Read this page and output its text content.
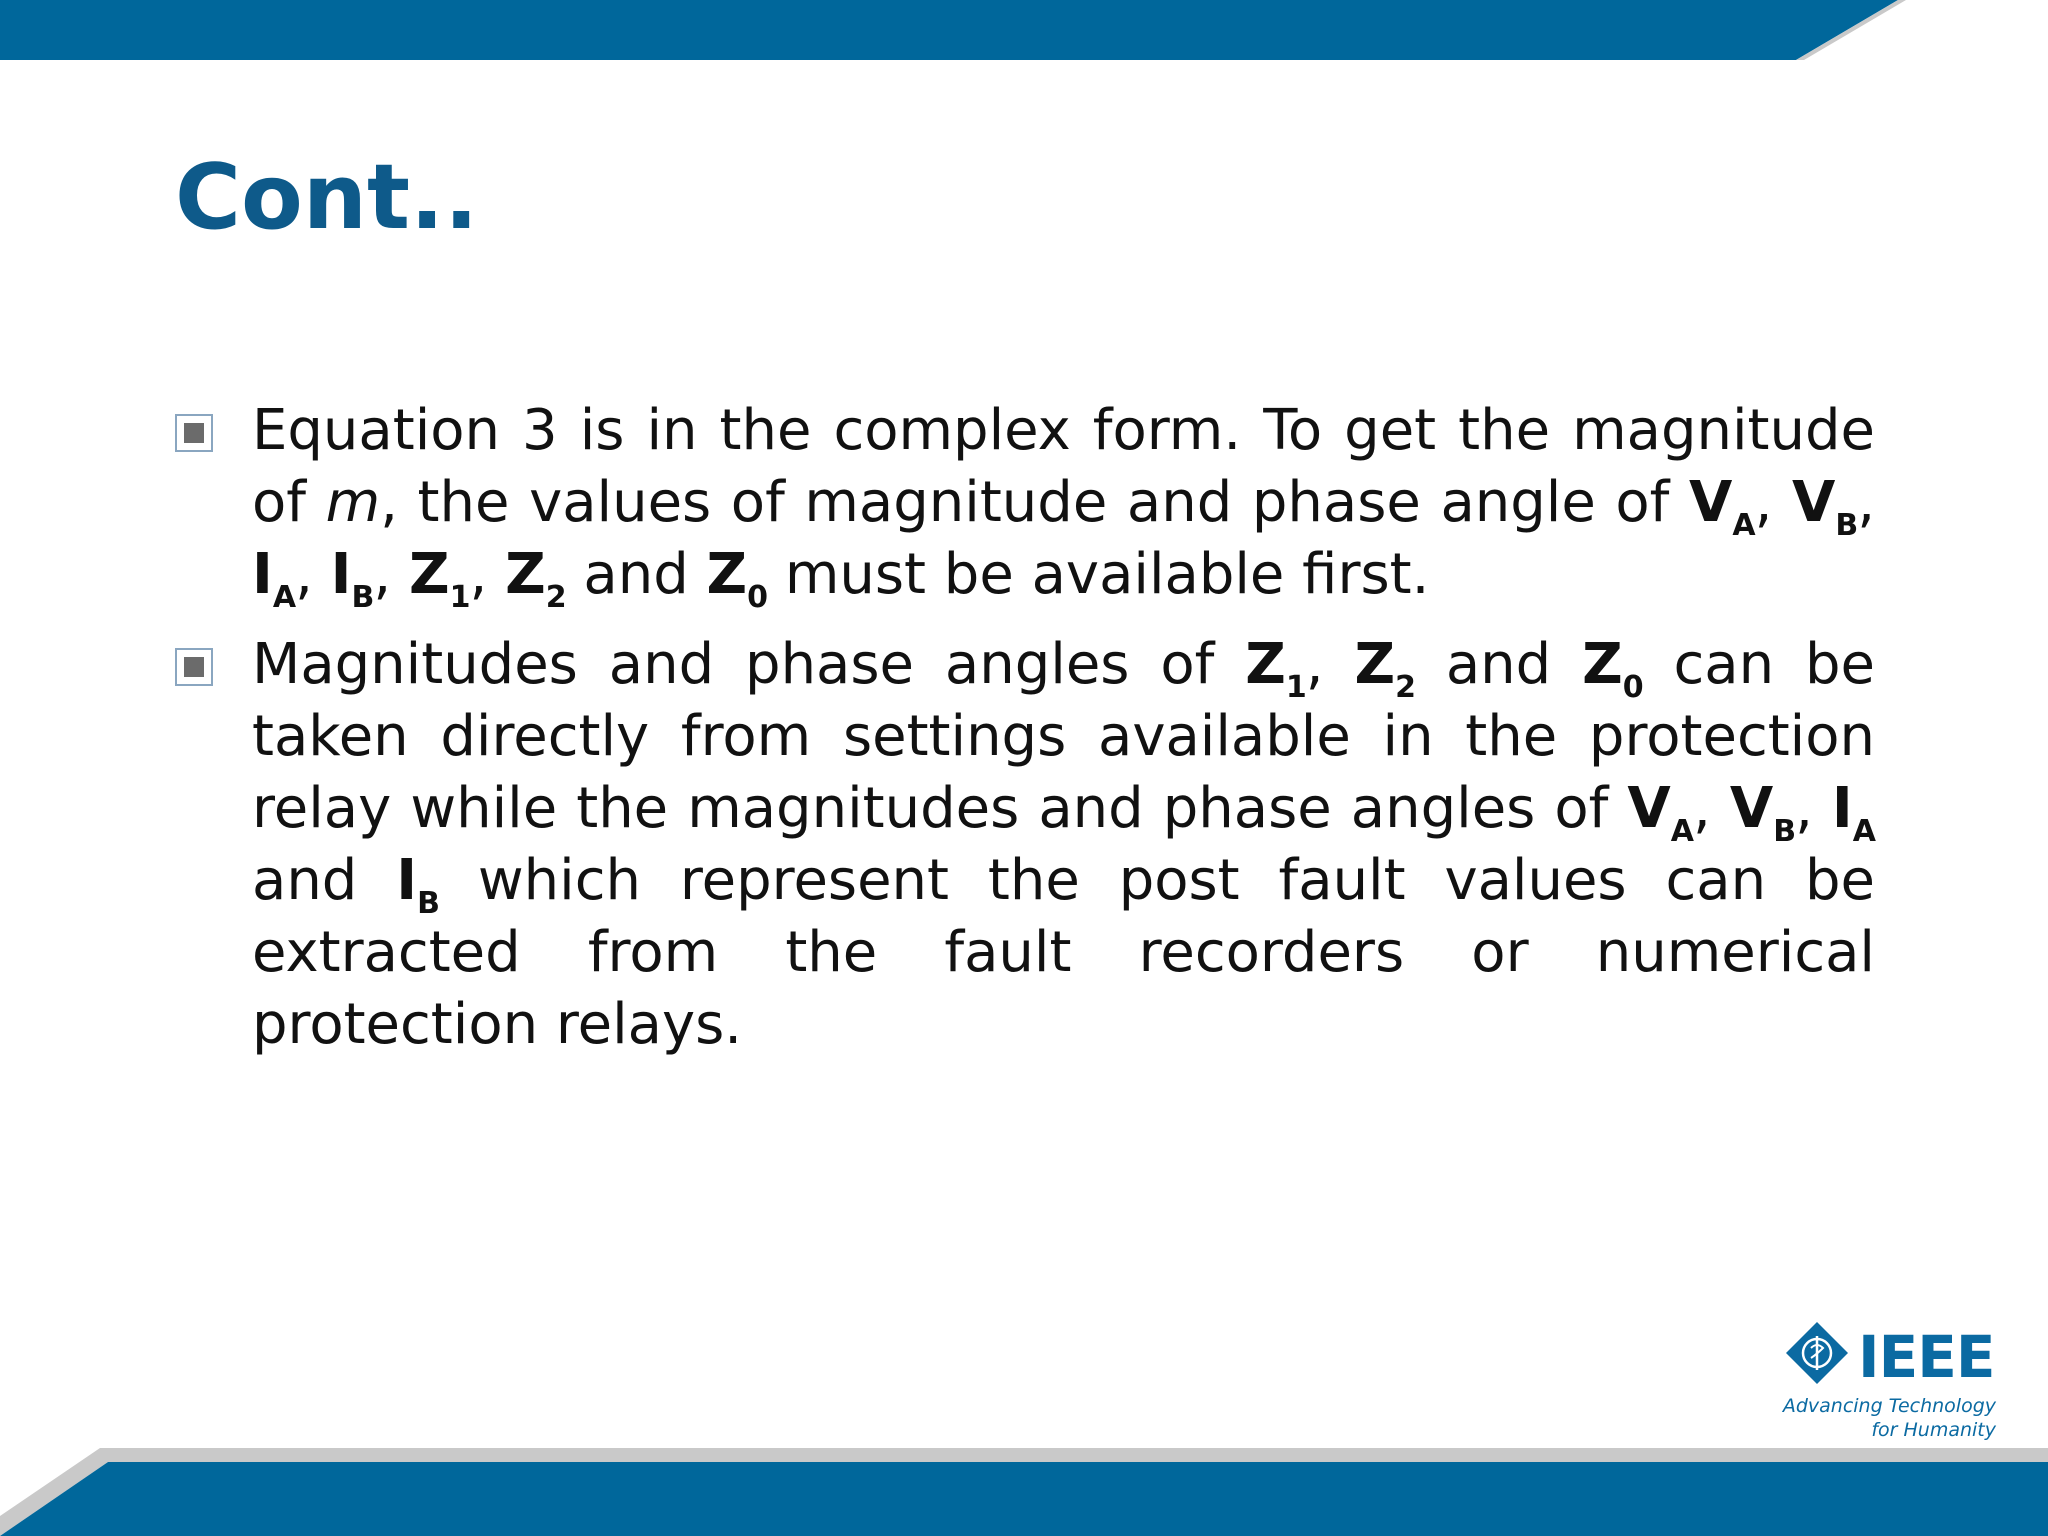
Cont..
Equation 3 is in the complex form. To get the magnitude of m, the values of magnitude and phase angle of $V_A$, $V_B$, $I_A$, $I_B$, $Z_1$, $Z_2$ and $Z_0$ must be available first.
Magnitudes and phase angles of $Z_1$, $Z_2$ and $Z_0$ can be taken directly from settings available in the protection relay while the magnitudes and phase angles of $V_A$, $V_B$, $I_A$ and $I_B$ which represent the post fault values can be extracted from the fault recorders or numerical protection relays.
IEEE
Advancing Technology
for Humanity
